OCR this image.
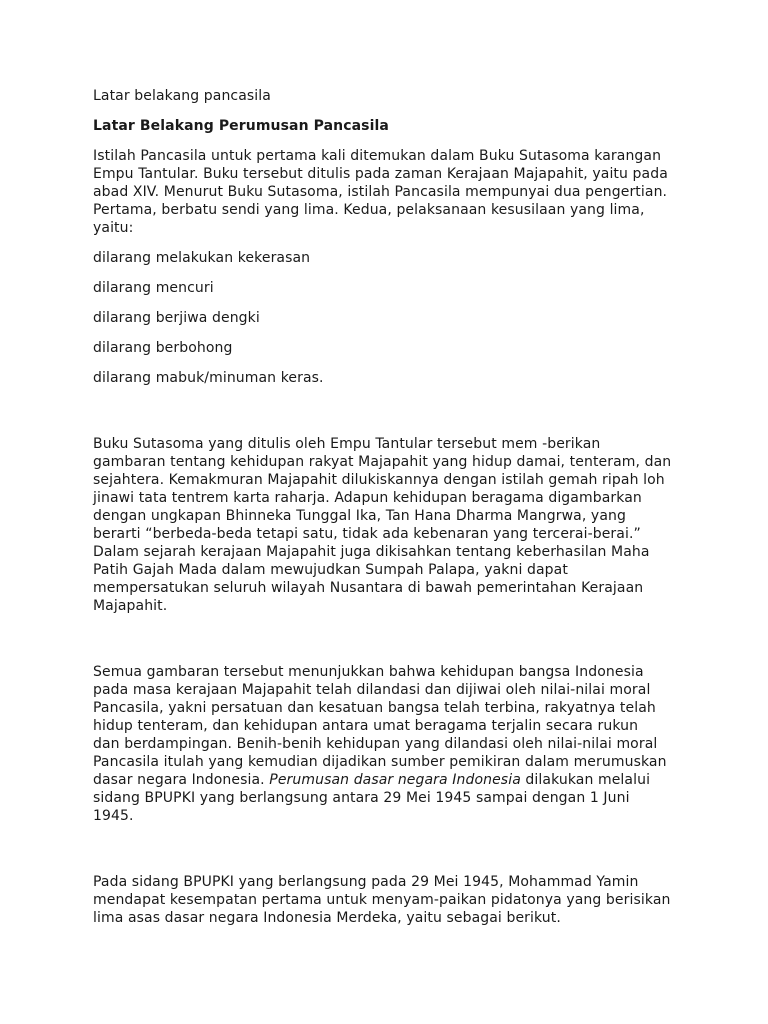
Latar belakang pancasila
Latar Belakang Perumusan Pancasila
Istilah Pancasila untuk pertama kali ditemukan dalam Buku Sutasoma karangan
Empu Tantular. Buku tersebut ditulis pada zaman Kerajaan Majapahit, yaitu pada
abad XIV. Menurut Buku Sutasoma, istilah Pancasila mempunyai dua pengertian.
Pertama, berbatu sendi yang lima. Kedua, pelaksanaan kesusilaan yang lima,
yaitu:
dilarang melakukan kekerasan
dilarang mencuri
dilarang berjiwa dengki
dilarang berbohong
dilarang mabuk/minuman keras.
Buku Sutasoma yang ditulis oleh Empu Tantular tersebut mem -berikan
gambaran tentang kehidupan rakyat Majapahit yang hidup damai, tenteram, dan
sejahtera. Kemakmuran Majapahit dilukiskannya dengan istilah gemah ripah loh
jinawi tata tentrem karta raharja. Adapun kehidupan beragama digambarkan
dengan ungkapan Bhinneka Tunggal Ika, Tan Hana Dharma Mangrwa, yang
berarti “berbeda-beda tetapi satu, tidak ada kebenaran yang tercerai-berai.”
Dalam sejarah kerajaan Majapahit juga dikisahkan tentang keberhasilan Maha
Patih Gajah Mada dalam mewujudkan Sumpah Palapa, yakni dapat
mempersatukan seluruh wilayah Nusantara di bawah pemerintahan Kerajaan
Majapahit.
Semua gambaran tersebut menunjukkan bahwa kehidupan bangsa Indonesia
pada masa kerajaan Majapahit telah dilandasi dan dijiwai oleh nilai-nilai moral
Pancasila, yakni persatuan dan kesatuan bangsa telah terbina, rakyatnya telah
hidup tenteram, dan kehidupan antara umat beragama terjalin secara rukun
dan berdampingan. Benih-benih kehidupan yang dilandasi oleh nilai-nilai moral
Pancasila itulah yang kemudian dijadikan sumber pemikiran dalam merumuskan
dasar negara Indonesia. Perumusan dasar negara Indonesia dilakukan melalui
sidang BPUPKI yang berlangsung antara 29 Mei 1945 sampai dengan 1 Juni
1945.
Pada sidang BPUPKI yang berlangsung pada 29 Mei 1945, Mohammad Yamin
mendapat kesempatan pertama untuk menyam-paikan pidatonya yang berisikan
lima asas dasar negara Indonesia Merdeka, yaitu sebagai berikut.
